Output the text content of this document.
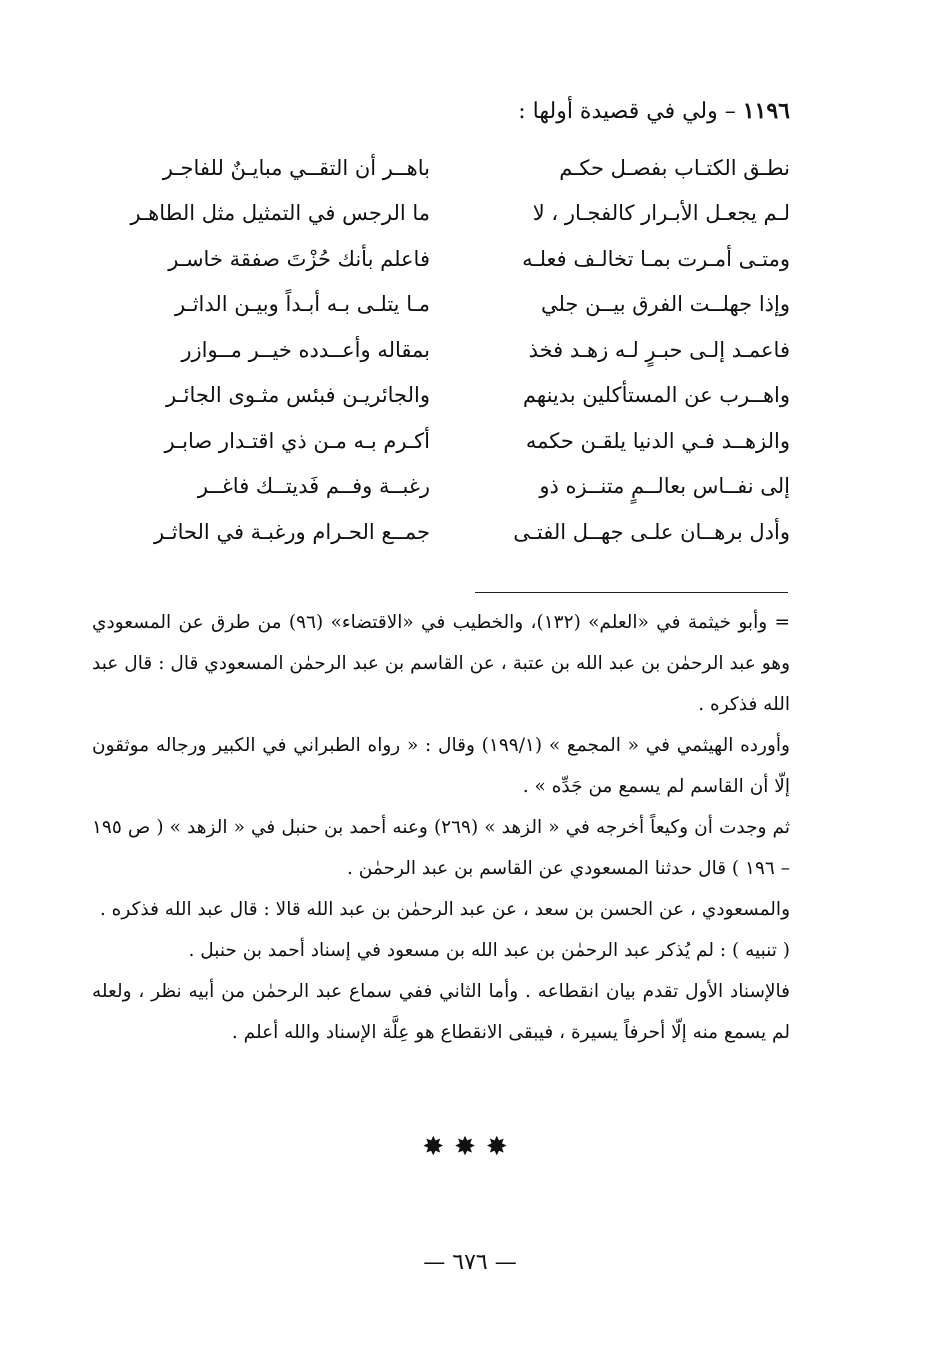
١١٩٦ – ولي في قصيدة أولها :
نطـق الكتـاب بفصـل حكـم
باهــر أن التقــي مبايـنٌ للفاجـر
لـم يجعـل الأبـرار كالفجـار ، لا
ما الرجس في التمثيل مثل الطاهـر
ومتـى أمـرت بمـا تخالـف فعلـه
فاعلم بأنك حُزْتَ صفقة خاسـر
وإذا جهلــت الفرق بيــن جلي
مـا يتلـى بـه أبـداً وبيـن الداثـر
فاعمـد إلـى حبـرٍ لـه زهـد فخذ
بمقاله وأعــدده خيــر مــوازر
واهــرب عن المستأكلين بدينهم
والجائريـن فبئس مثـوى الجائـر
والزهــد فـي الدنيا يلقـن حكمه
أكـرم بـه مـن ذي اقتـدار صابـر
إلى نفــاس بعالــمٍ متنــزه ذو
رغبــة وفــم فَديتــك فاغــر
وأدل برهــان علـى جهــل الفتـى
جمــع الحـرام ورغبـة في الحاثـر

= وأبو خيثمة في «العلم» (١٣٢)، والخطيب في «الاقتضاء» (٩٦) من طرق عن المسعودي وهو عبد الرحمٰن بن عبد الله بن عتبة ، عن القاسم بن عبد الرحمٰن المسعودي قال : قال عبد الله فذكره .

وأورده الهيثمي في « المجمع » (١٩٩/١) وقال : « رواه الطبراني في الكبير ورجاله موثقون إلّا أن القاسم لم يسمع من جَدِّه » .

ثم وجدت أن وكيعاً أخرجه في « الزهد » (٢٦٩) وعنه أحمد بن حنبل في « الزهد » ( ص ١٩٥ – ١٩٦ ) قال حدثنا المسعودي عن القاسم بن عبد الرحمٰن .

والمسعودي ، عن الحسن بن سعد ، عن عبد الرحمٰن بن عبد الله قالا : قال عبد الله فذكره .

( تنبيه ) : لم يُذكر عبد الرحمٰن بن عبد الله بن مسعود في إسناد أحمد بن حنبل .

فالإسناد الأول تقدم بيان انقطاعه . وأما الثاني ففي سماع عبد الرحمٰن من أبيه نظر ، ولعله لم يسمع منه إلّا أحرفاً يسيرة ، فيبقى الانقطاع هو عِلَّة الإسناد والله أعلم .

✸✸✸
— ٦٧٦ —
